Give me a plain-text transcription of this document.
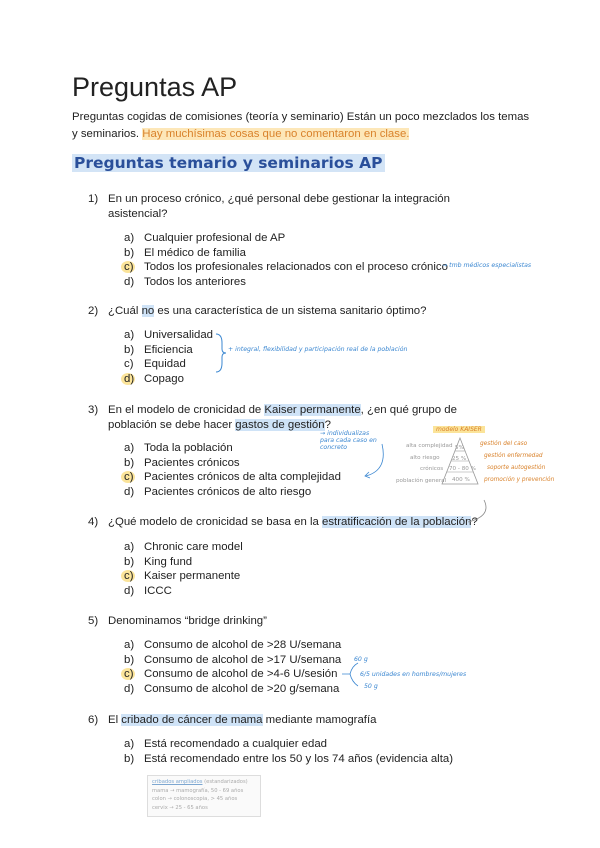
Preguntas AP

Preguntas cogidas de comisiones (teoría y seminario) Están un poco mezclados los temas y seminarios. Hay muchísimas cosas que no comentaron en clase.

Preguntas temario y seminarios AP
1) En un proceso crónico, ¿qué personal debe gestionar la integración asistencial?
a) Cualquier profesional de AP
b) El médico de familia
c) Todos los profesionales relacionados con el proceso crónico
d) Todos los anteriores
→ tmb médicos especialistas
2) ¿Cuál no es una característica de un sistema sanitario óptimo?
a) Universalidad
b) Eficiencia
c) Equidad
d) Copago
+ integral, flexibilidad y participación real de la población
3) En el modelo de cronicidad de Kaiser permanente, ¿en qué grupo de población se debe hacer gastos de gestión?
a) Toda la población
b) Pacientes crónicos
c) Pacientes crónicos de alta complejidad
d) Pacientes crónicos de alto riesgo
→ individualizas para cada caso en concreto
modelo KAISER
5%
25 %
70 - 80 %
400 %
alta complejidad
alto riesgo
crónicos
población general
gestión del caso
gestión enfermedad
soporte autogestión
promoción y prevención
4) ¿Qué modelo de cronicidad se basa en la estratificación de la población?
a) Chronic care model
b) King fund
c) Kaiser permanente
d) ICCC
5) Denominamos “bridge drinking”
a) Consumo de alcohol de >28 U/semana
b) Consumo de alcohol de >17 U/semana
c) Consumo de alcohol de >4-6 U/sesión
d) Consumo de alcohol de >20 g/semana
60 g
6/5 unidades en hombres/mujeres
50 g
6) El cribado de cáncer de mama mediante mamografía
a) Está recomendado a cualquier edad
b) Está recomendado entre los 50 y los 74 años (evidencia alta)
cribados ampliados (estandarizados)
mama → mamografía, 50 - 69 años
colon → colonoscopia, > 45 años
cervix → 25 - 65 años
